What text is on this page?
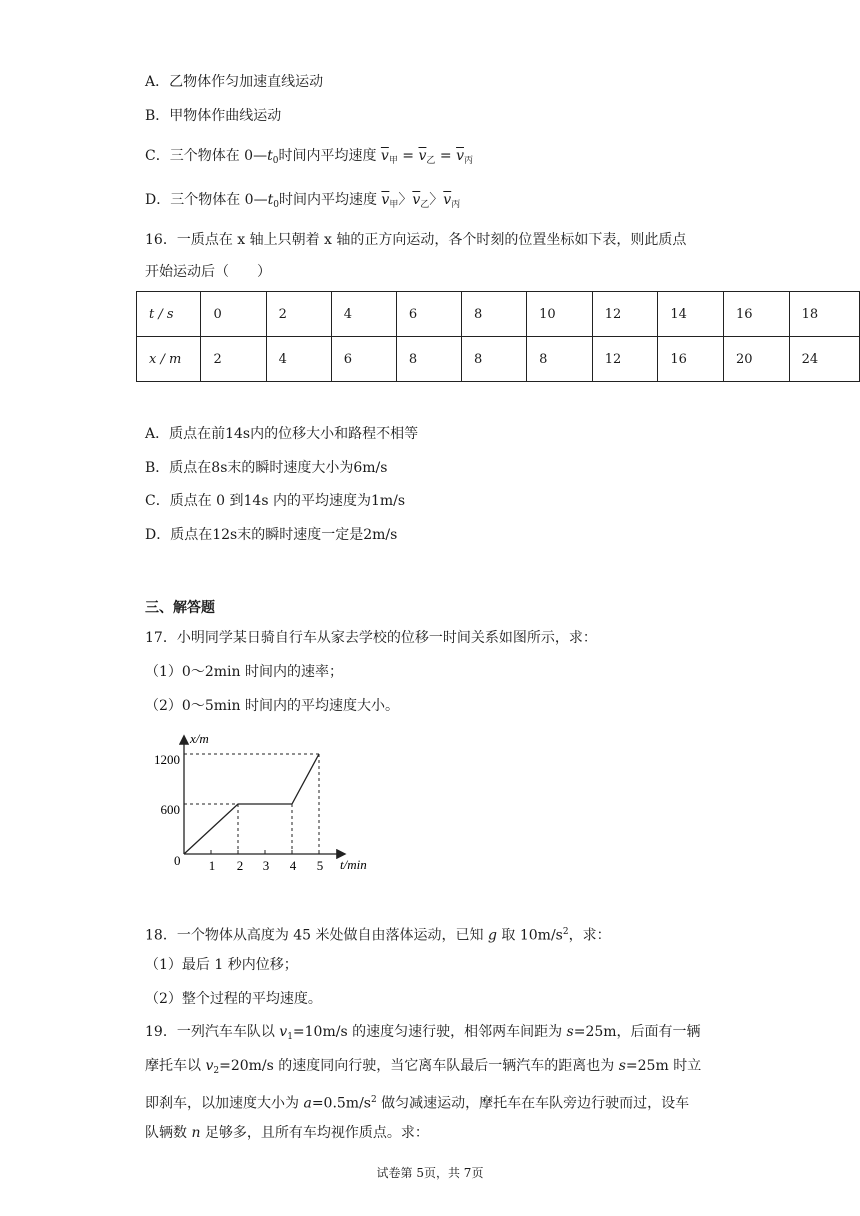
A．乙物体作匀加速直线运动
B．甲物体作曲线运动
C．三个物体在 $0—t_0$时间内平均速度 $\overline{v}_甲 = \overline{v}_乙 = \overline{v}_丙$
D．三个物体在 $0—t_0$时间内平均速度 $\overline{v}_甲$〉$\overline{v}_乙$〉$\overline{v}_丙$
16．一质点在 x 轴上只朝着 x 轴的正方向运动，各个时刻的位置坐标如下表，则此质点
开始运动后（　　）
t / s	0	2	4	6	8	10	12	14	16	18
x / m	2	4	6	8	8	8	12	16	20	24
A．质点在前14s内的位移大小和路程不相等
B．质点在8s末的瞬时速度大小为6m/s
C．质点在 0 到14s 内的平均速度为1m/s
D．质点在12s末的瞬时速度一定是2m/s
三、解答题
17．小明同学某日骑自行车从家去学校的位移一时间关系如图所示，求：
（1）0～2min 时间内的速率；
（2）0～5min 时间内的平均速度大小。
x/m
t/min
1200
600
0 1 2 3 4 5
18．一个物体从高度为 45 米处做自由落体运动，已知 g 取 $10m/s^2$，求：
（1）最后 1 秒内位移；
（2）整个过程的平均速度。
19．一列汽车车队以 $v_1=10m/s$ 的速度匀速行驶，相邻两车间距为 s=25m，后面有一辆
摩托车以 $v_2=20m/s$ 的速度同向行驶，当它离车队最后一辆汽车的距离也为 s=25m 时立
即刹车，以加速度大小为 $a=0.5m/s^2$ 做匀减速运动，摩托车在车队旁边行驶而过，设车
队辆数 n 足够多，且所有车均视作质点。求：
试卷第 5页，共 7页
